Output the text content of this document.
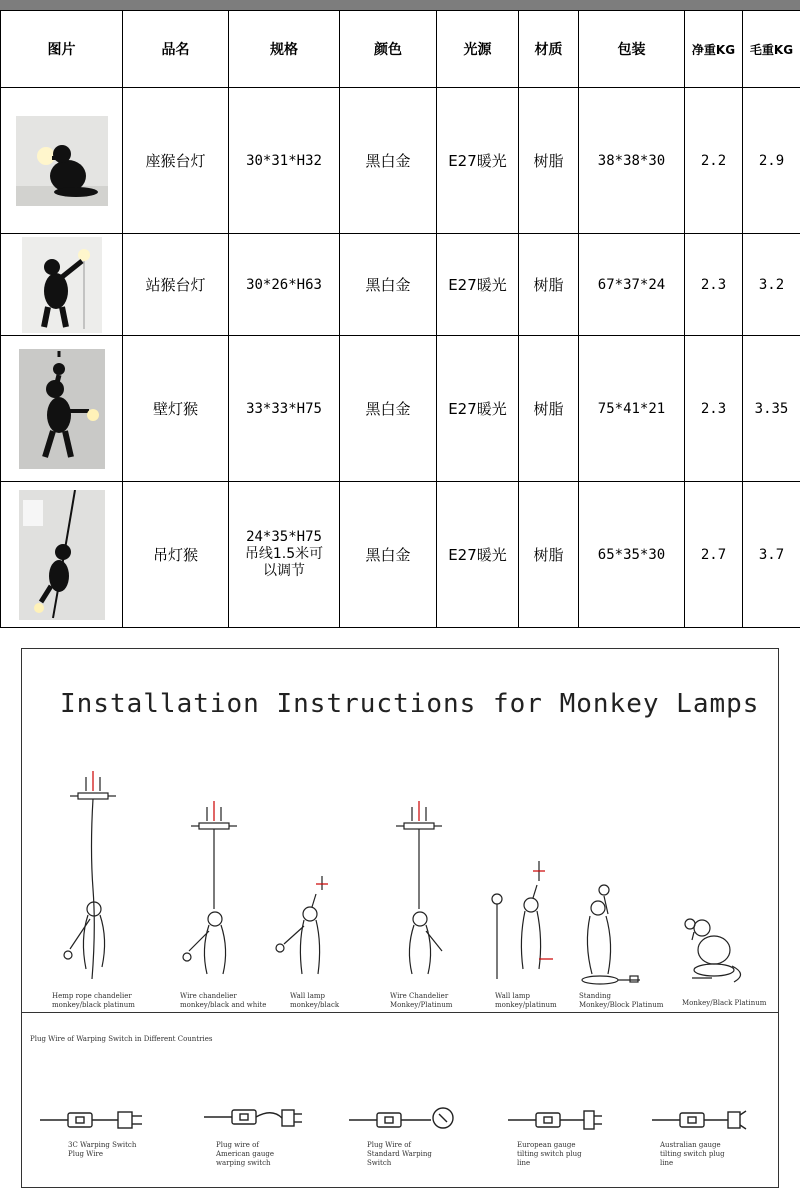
图片	品名	规格	颜色	光源	材质	包装	净重KG	毛重KG

	座猴台灯	30*31*H32	黑白金	E27暖光	树脂	38*38*30	2.2	2.9

	站猴台灯	30*26*H63	黑白金	E27暖光	树脂	67*37*24	2.3	3.2

	壁灯猴	33*33*H75	黑白金	E27暖光	树脂	75*41*21	2.3	3.35

	吊灯猴	24*35*H75
吊线1.5米可
以调节	黑白金	E27暖光	树脂	65*35*30	2.7	3.7
Installation Instructions for Monkey Lamps
Hemp rope chandelier
monkey/black platinum
Wire chandelier
monkey/black and white
Wall lamp
monkey/black
Wire Chandelier
Monkey/Platinum
Wall lamp
monkey/platinum
Standing
Monkey/Block Platinum	Monkey/Black Platinum
Plug Wire of Warping Switch in Different Countries
3C Warping Switch
Plug Wire
Plug wire of
American gauge
warping switch
Plug Wire of
Standard Warping
Switch
European gauge
tilting switch plug
line
Australian gauge
tilting switch plug
line
